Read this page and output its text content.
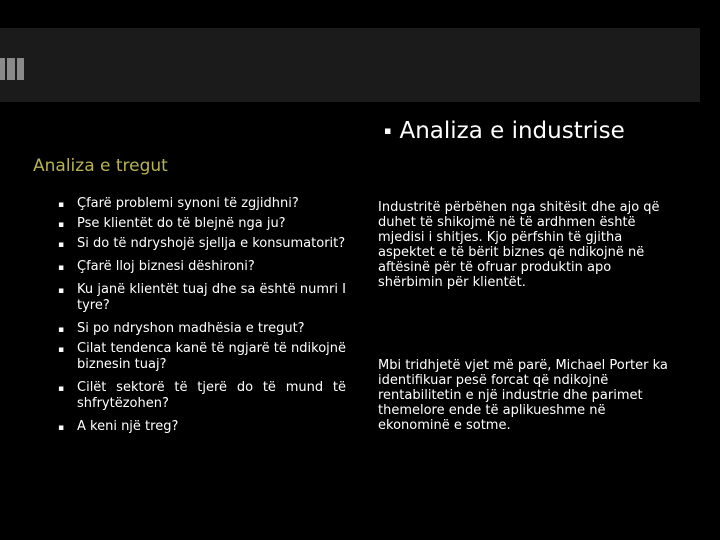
▪ Analiza e industrise
Analiza e tregut
▪ Çfarë problemi synoni të zgjidhni?
▪ Pse klientët do të blejnë nga ju?
▪ Si do të ndryshojë sjellja e konsumatorit?
▪ Çfarë lloj biznesi dëshironi?
▪ Ku janë klientët tuaj dhe sa është numri I tyre?
▪ Si po ndryshon madhësia e tregut?
▪ Cilat tendenca kanë të ngjarë të ndikojnë biznesin tuaj?
▪ Cilët sektorë të tjerë do të mund të shfrytëzohen?
▪ A keni një treg?
Industritë përbëhen nga shitësit dhe ajo që duhet të shikojmë në të ardhmen është mjedisi i shitjes. Kjo përfshin të gjitha aspektet e të bërit biznes që ndikojnë në aftësinë për të ofruar produktin apo shërbimin për klientët.
Mbi tridhjetë vjet më parë, Michael Porter ka identifikuar pesë forcat që ndikojnë rentabilitetin e një industrie dhe parimet themelore ende të aplikueshme në ekonominë e sotme.
